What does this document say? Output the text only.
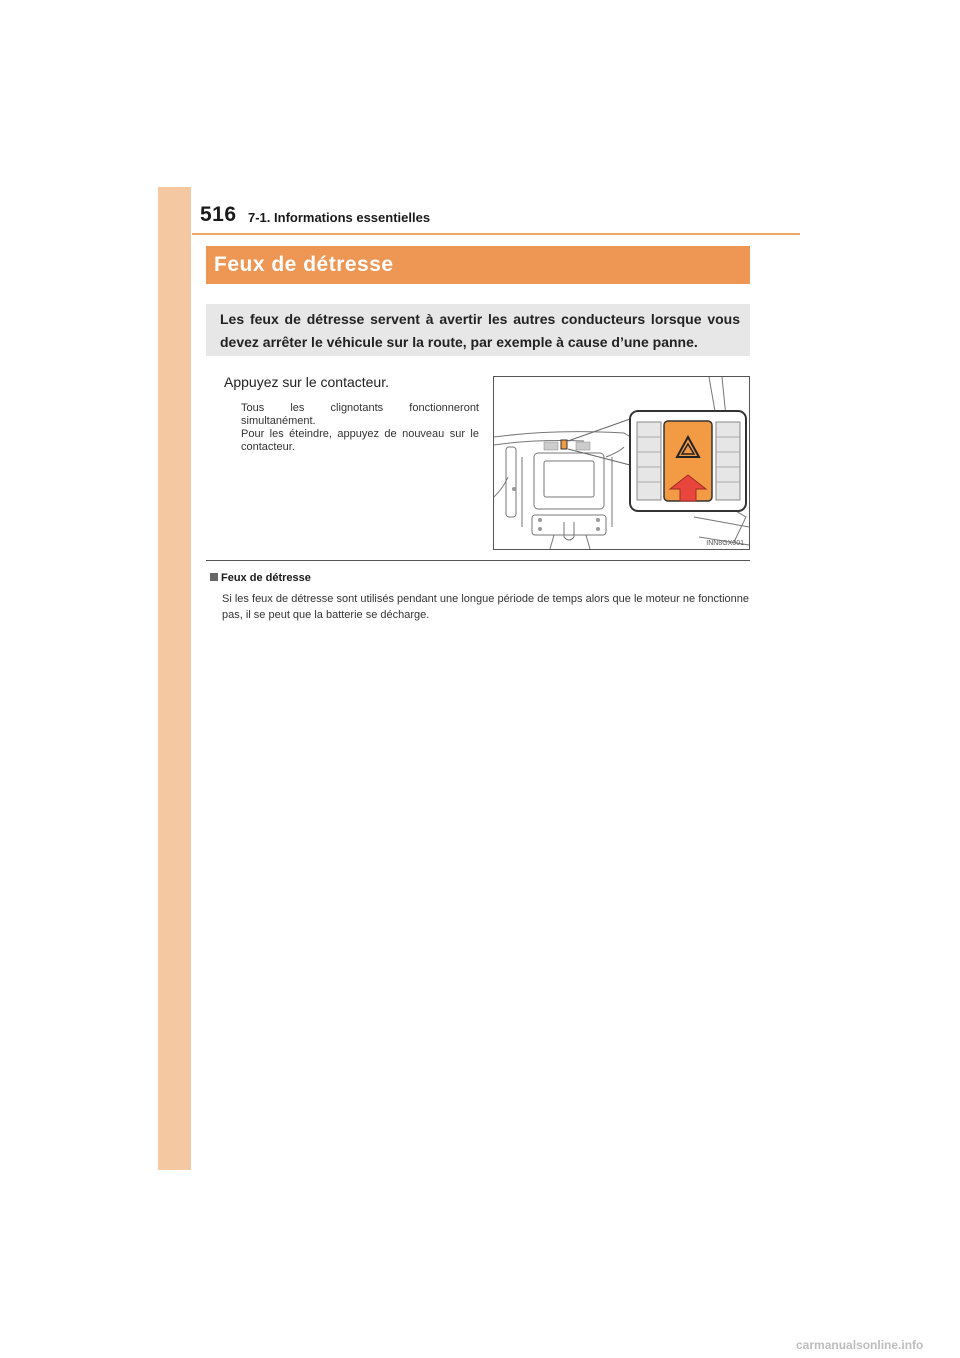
516 7-1. Informations essentielles
Feux de détresse
Les feux de détresse servent à avertir les autres conducteurs lorsque vous devez arrêter le véhicule sur la route, par exemple à cause d’une panne.
Appuyez sur le contacteur.
Tous les clignotants fonctionneront simultanément.
Pour les éteindre, appuyez de nouveau sur le contacteur.
INN8GX001
Feux de détresse
Si les feux de détresse sont utilisés pendant une longue période de temps alors que le moteur ne fonctionne pas, il se peut que la batterie se décharge.
carmanualsonline.info
